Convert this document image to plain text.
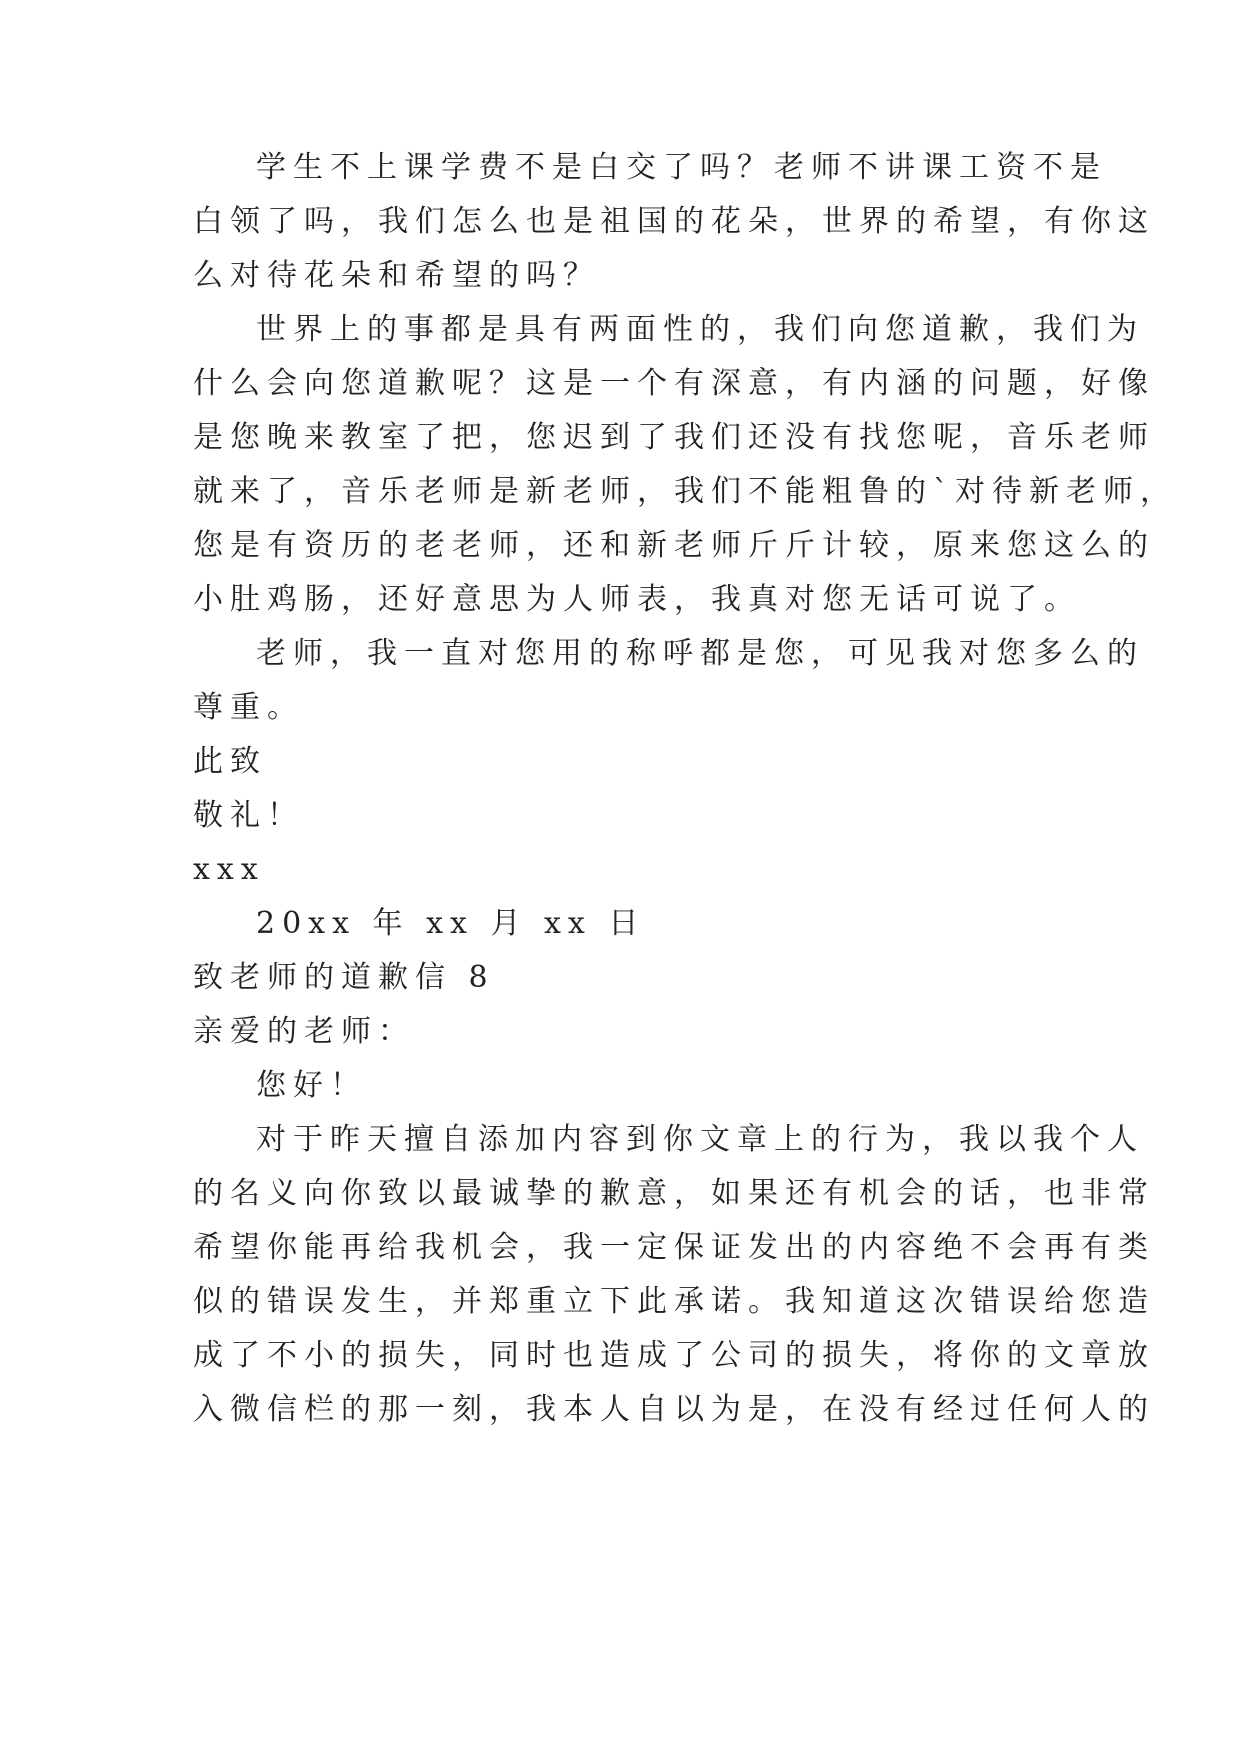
学生不上课学费不是白交了吗？老师不讲课工资不是

白领了吗，我们怎么也是祖国的花朵，世界的希望，有你这

么对待花朵和希望的吗？

世界上的事都是具有两面性的，我们向您道歉，我们为

什么会向您道歉呢？这是一个有深意，有内涵的问题，好像

是您晚来教室了把，您迟到了我们还没有找您呢，音乐老师

就来了，音乐老师是新老师，我们不能粗鲁的`对待新老师，

您是有资历的老老师，还和新老师斤斤计较，原来您这么的

小肚鸡肠，还好意思为人师表，我真对您无话可说了。

老师，我一直对您用的称呼都是您，可见我对您多么的

尊重。

此致

敬礼！

xxx

20xx 年 xx 月 xx 日

致老师的道歉信 8

亲爱的老师：

您好！

对于昨天擅自添加内容到你文章上的行为，我以我个人

的名义向你致以最诚挚的歉意，如果还有机会的话，也非常

希望你能再给我机会，我一定保证发出的内容绝不会再有类

似的错误发生，并郑重立下此承诺。我知道这次错误给您造

成了不小的损失，同时也造成了公司的损失，将你的文章放

入微信栏的那一刻，我本人自以为是，在没有经过任何人的
